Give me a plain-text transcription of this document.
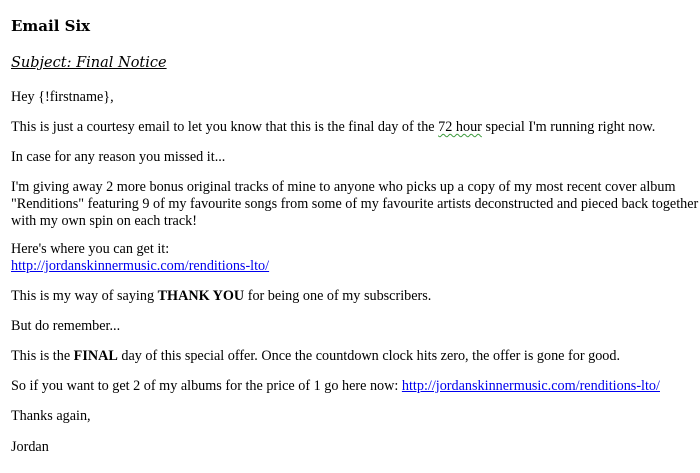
Email Six
Subject: Final Notice
Hey {!firstname},
This is just a courtesy email to let you know that this is the final day of the 72 hour special I'm running right now.
In case for any reason you missed it...
I'm giving away 2 more bonus original tracks of mine to anyone who picks up a copy of my most recent cover album
"Renditions" featuring 9 of my favourite songs from some of my favourite artists deconstructed and pieced back together
with my own spin on each track!
Here's where you can get it:
http://jordanskinnermusic.com/renditions-lto/
This is my way of saying THANK YOU for being one of my subscribers.
But do remember...
This is the FINAL day of this special offer. Once the countdown clock hits zero, the offer is gone for good.
So if you want to get 2 of my albums for the price of 1 go here now: http://jordanskinnermusic.com/renditions-lto/
Thanks again,
Jordan
